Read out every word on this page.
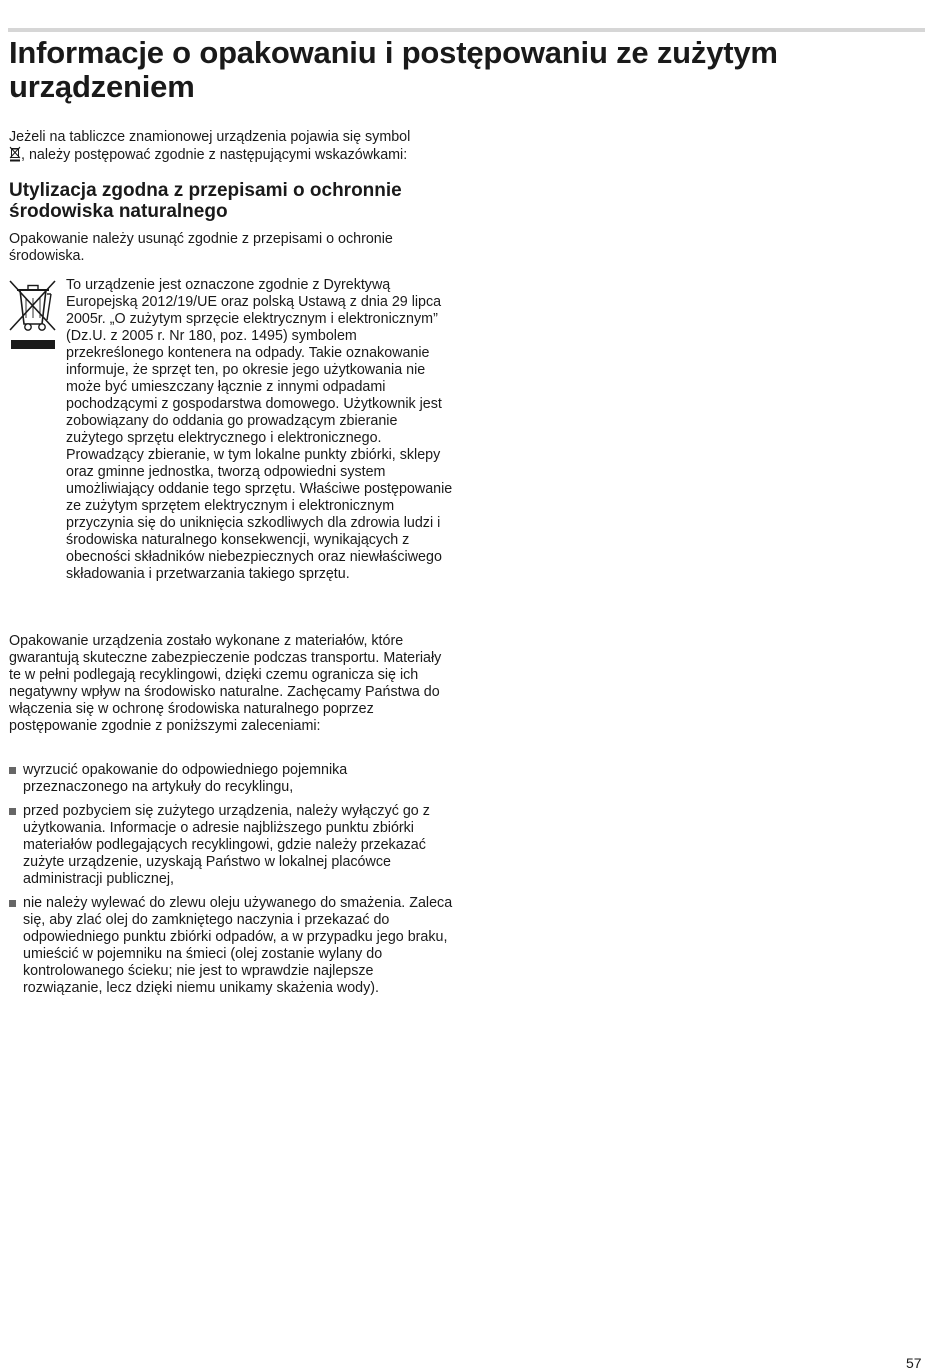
Informacje o opakowaniu i postępowaniu ze zużytym urządzeniem
Jeżeli na tabliczce znamionowej urządzenia pojawia się symbol
, należy postępować zgodnie z następującymi wskazówkami:
Utylizacja zgodna z przepisami o ochronnie środowiska naturalnego
Opakowanie należy usunąć zgodnie z przepisami o ochronie środowiska.
To urządzenie jest oznaczone zgodnie z Dyrektywą Europejską 2012/19/UE oraz polską Ustawą z dnia 29 lipca 2005r. „O zużytym sprzęcie elektrycznym i elektronicznym” (Dz.U. z 2005 r. Nr 180, poz. 1495) symbolem przekreślonego kontenera na odpady. Takie oznakowanie informuje, że sprzęt ten, po okresie jego użytkowania nie może być umieszczany łącznie z innymi odpadami pochodzącymi z gospodarstwa domowego. Użytkownik jest zobowiązany do oddania go prowadzącym zbieranie zużytego sprzętu elektrycznego i elektronicznego. Prowadzący zbieranie, w tym lokalne punkty zbiórki, sklepy oraz gminne jednostka, tworzą odpowiedni system umożliwiający oddanie tego sprzętu. Właściwe postępowanie ze zużytym sprzętem elektrycznym i elektronicznym przyczynia się do uniknięcia szkodliwych dla zdrowia ludzi i środowiska naturalnego konsekwencji, wynikających z obecności składników niebezpiecznych oraz niewłaściwego składowania i przetwarzania takiego sprzętu.
Opakowanie urządzenia zostało wykonane z materiałów, które gwarantują skuteczne zabezpieczenie podczas transportu. Materiały te w pełni podlegają recyklingowi, dzięki czemu ogranicza się ich negatywny wpływ na środowisko naturalne. Zachęcamy Państwa do włączenia się w ochronę środowiska naturalnego poprzez postępowanie zgodnie z poniższymi zaleceniami:
wyrzucić opakowanie do odpowiedniego pojemnika przeznaczonego na artykuły do recyklingu,
przed pozbyciem się zużytego urządzenia, należy wyłączyć go z użytkowania. Informacje o adresie najbliższego punktu zbiórki materiałów podlegających recyklingowi, gdzie należy przekazać zużyte urządzenie, uzyskają Państwo w lokalnej placówce administracji publicznej,
nie należy wylewać do zlewu oleju używanego do smażenia. Zaleca się, aby zlać olej do zamkniętego naczynia i przekazać do odpowiedniego punktu zbiórki odpadów, a w przypadku jego braku, umieścić w pojemniku na śmieci (olej zostanie wylany do kontrolowanego ścieku; nie jest to wprawdzie najlepsze rozwiązanie, lecz dzięki niemu unikamy skażenia wody).
57
